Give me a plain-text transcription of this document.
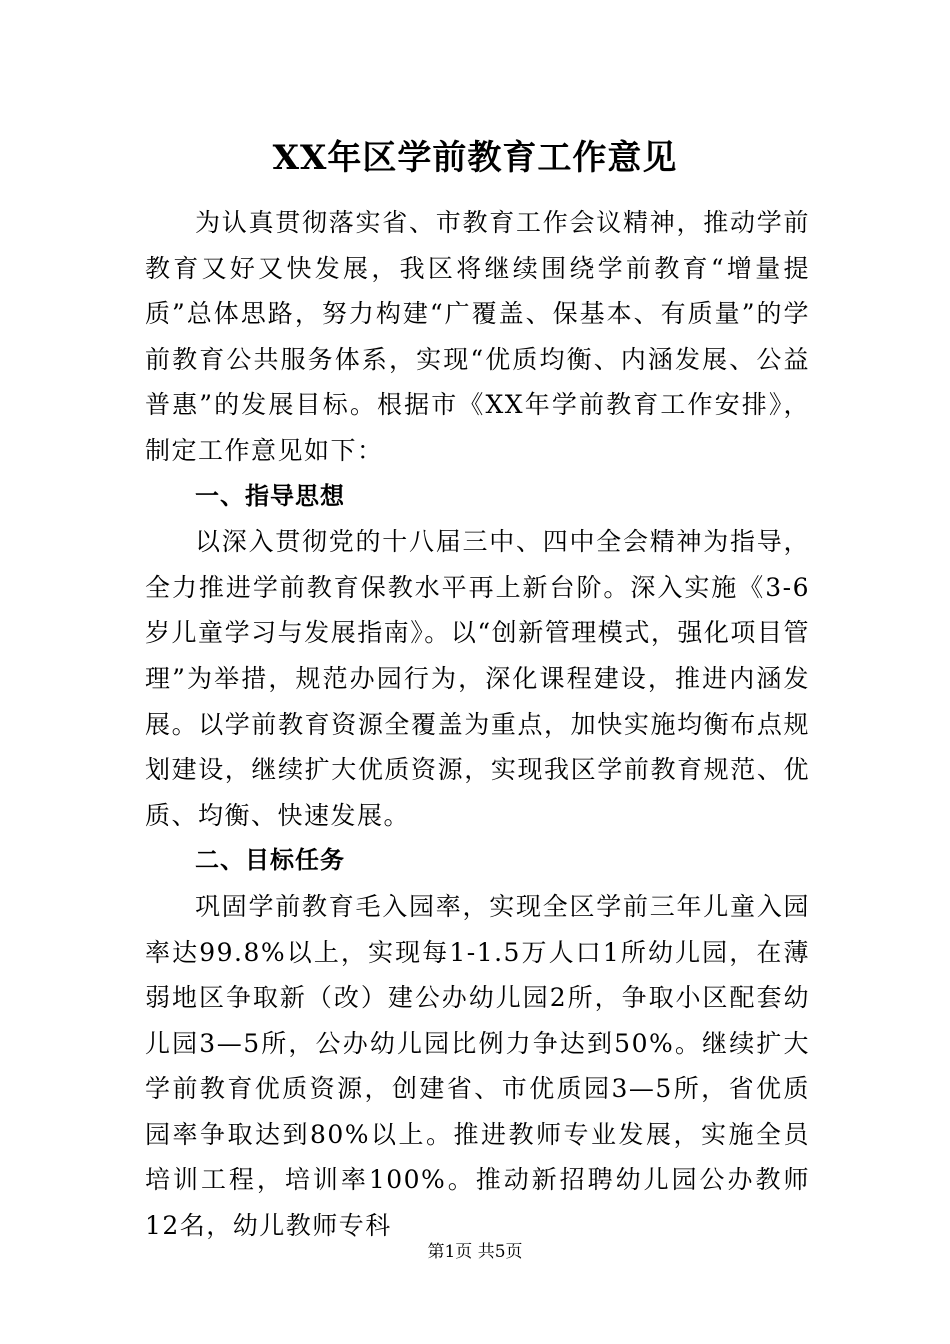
XX年区学前教育工作意见

为认真贯彻落实省、市教育工作会议精神，推动学前教育又好又快发展，我区将继续围绕学前教育“增量提质”总体思路，努力构建“广覆盖、保基本、有质量”的学前教育公共服务体系，实现“优质均衡、内涵发展、公益普惠”的发展目标。根据市《XX年学前教育工作安排》，制定工作意见如下：

一、指导思想

以深入贯彻党的十八届三中、四中全会精神为指导，全力推进学前教育保教水平再上新台阶。深入实施《3-6岁儿童学习与发展指南》。以“创新管理模式，强化项目管理”为举措，规范办园行为，深化课程建设，推进内涵发展。以学前教育资源全覆盖为重点，加快实施均衡布点规划建设，继续扩大优质资源，实现我区学前教育规范、优质、均衡、快速发展。

二、目标任务

巩固学前教育毛入园率，实现全区学前三年儿童入园率达99.8%以上，实现每1-1.5万人口1所幼儿园，在薄弱地区争取新（改）建公办幼儿园2所，争取小区配套幼儿园3—5所，公办幼儿园比例力争达到50%。继续扩大学前教育优质资源，创建省、市优质园3—5所，省优质园率争取达到80%以上。推进教师专业发展，实施全员培训工程，培训率100%。推动新招聘幼儿园公办教师12名，幼儿教师专科

第1页 共5页
